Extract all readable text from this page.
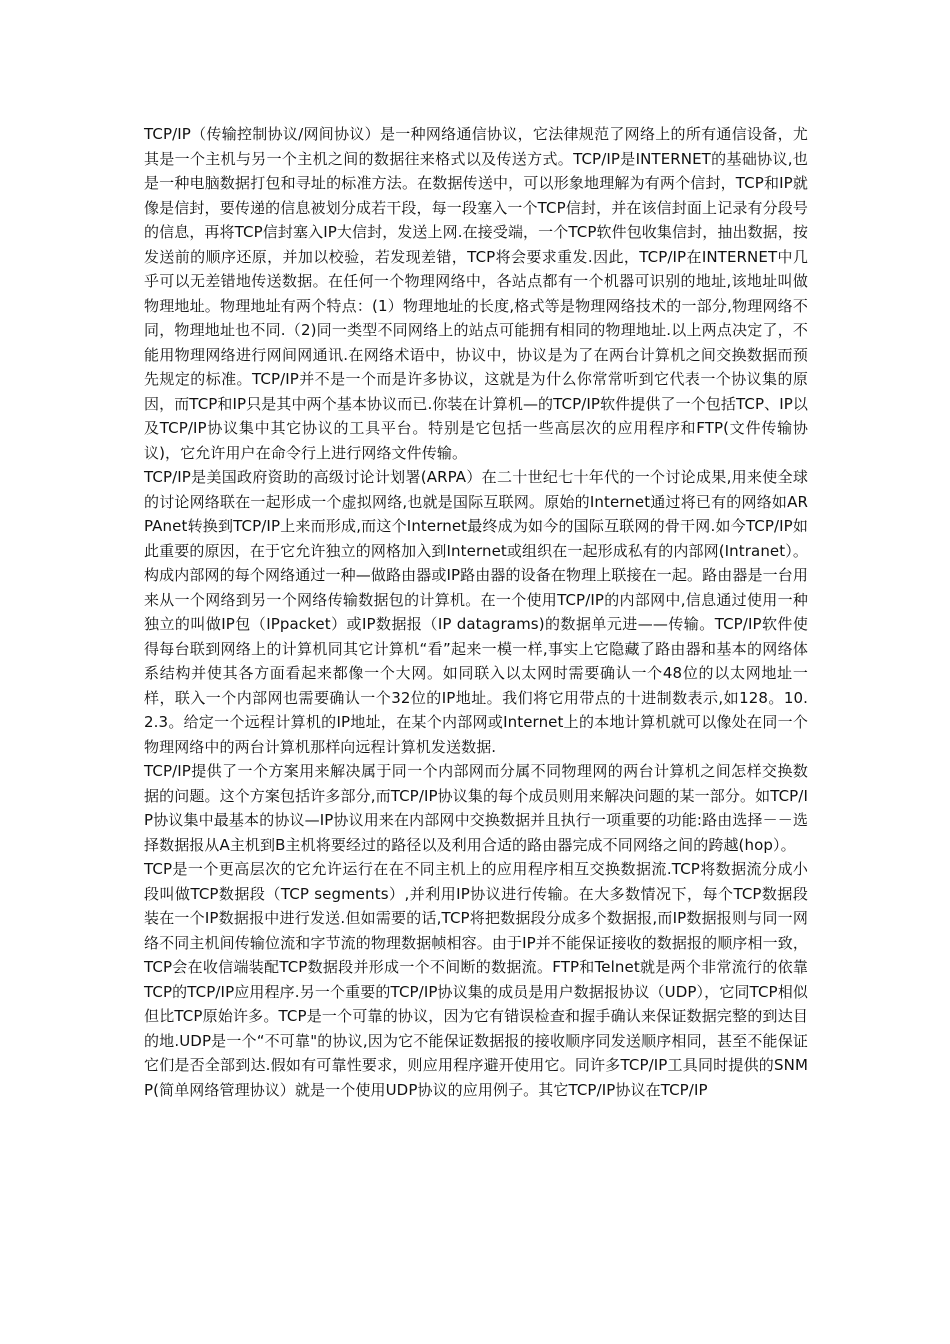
TCP/IP（传输控制协议/网间协议）是一种网络通信协议，它法律规范了网络上的所有通信设备，尤其是一个主机与另一个主机之间的数据往来格式以及传送方式。TCP/IP是INTERNET的基础协议,也是一种电脑数据打包和寻址的标准方法。在数据传送中，可以形象地理解为有两个信封，TCP和IP就像是信封，要传递的信息被划分成若干段，每一段塞入一个TCP信封，并在该信封面上记录有分段号的信息，再将TCP信封塞入IP大信封，发送上网.在接受端，一个TCP软件包收集信封，抽出数据，按发送前的顺序还原，并加以校验，若发现差错，TCP将会要求重发.因此，TCP/IP在INTERNET中几乎可以无差错地传送数据。在任何一个物理网络中，各站点都有一个机器可识别的地址,该地址叫做物理地址。物理地址有两个特点：(1）物理地址的长度,格式等是物理网络技术的一部分,物理网络不同，物理地址也不同.（2)同一类型不同网络上的站点可能拥有相同的物理地址.以上两点决定了，不能用物理网络进行网间网通讯.在网络术语中，协议中，协议是为了在两台计算机之间交换数据而预先规定的标准。TCP/IP并不是一个而是许多协议，这就是为什么你常常听到它代表一个协议集的原因，而TCP和IP只是其中两个基本协议而已.你装在计算机—的TCP/IP软件提供了一个包括TCP、IP以及TCP/IP协议集中其它协议的工具平台。特别是它包括一些高层次的应用程序和FTP(文件传输协议)，它允许用户在命令行上进行网络文件传输。

TCP/IP是美国政府资助的高级讨论计划署(ARPA）在二十世纪七十年代的一个讨论成果,用来使全球的讨论网络联在一起形成一个虚拟网络,也就是国际互联网。原始的Internet通过将已有的网络如ARPAnet转换到TCP/IP上来而形成,而这个Internet最终成为如今的国际互联网的骨干网.如今TCP/IP如此重要的原因，在于它允许独立的网格加入到Internet或组织在一起形成私有的内部网(Intranet）。构成内部网的每个网络通过一种—做路由器或IP路由器的设备在物理上联接在一起。路由器是一台用来从一个网络到另一个网络传输数据包的计算机。在一个使用TCP/IP的内部网中,信息通过使用一种独立的叫做IP包（IPpacket）或IP数据报（IP datagrams)的数据单元进——传输。TCP/IP软件使得每台联到网络上的计算机同其它计算机“看”起来一模一样,事实上它隐藏了路由器和基本的网络体系结构并使其各方面看起来都像一个大网。如同联入以太网时需要确认一个48位的以太网地址一样，联入一个内部网也需要确认一个32位的IP地址。我们将它用带点的十进制数表示,如128。10.2.3。给定一个远程计算机的IP地址，在某个内部网或Internet上的本地计算机就可以像处在同一个物理网络中的两台计算机那样向远程计算机发送数据.

TCP/IP提供了一个方案用来解决属于同一个内部网而分属不同物理网的两台计算机之间怎样交换数据的问题。这个方案包括许多部分,而TCP/IP协议集的每个成员则用来解决问题的某一部分。如TCP/IP协议集中最基本的协议—IP协议用来在内部网中交换数据并且执行一项重要的功能:路由选择－－选择数据报从A主机到B主机将要经过的路径以及利用合适的路由器完成不同网络之间的跨越(hop）。

TCP是一个更高层次的它允许运行在在不同主机上的应用程序相互交换数据流.TCP将数据流分成小段叫做TCP数据段（TCP segments）,并利用IP协议进行传输。在大多数情况下，每个TCP数据段装在一个IP数据报中进行发送.但如需要的话,TCP将把数据段分成多个数据报,而IP数据报则与同一网络不同主机间传输位流和字节流的物理数据帧相容。由于IP并不能保证接收的数据报的顺序相一致，TCP会在收信端装配TCP数据段并形成一个不间断的数据流。FTP和Telnet就是两个非常流行的依靠TCP的TCP/IP应用程序.另一个重要的TCP/IP协议集的成员是用户数据报协议（UDP），它同TCP相似但比TCP原始许多。TCP是一个可靠的协议，因为它有错误检查和握手确认来保证数据完整的到达目的地.UDP是一个“不可靠"的协议,因为它不能保证数据报的接收顺序同发送顺序相同，甚至不能保证它们是否全部到达.假如有可靠性要求，则应用程序避开使用它。同许多TCP/IP工具同时提供的SNMP(简单网络管理协议）就是一个使用UDP协议的应用例子。其它TCP/IP协议在TCP/IP
